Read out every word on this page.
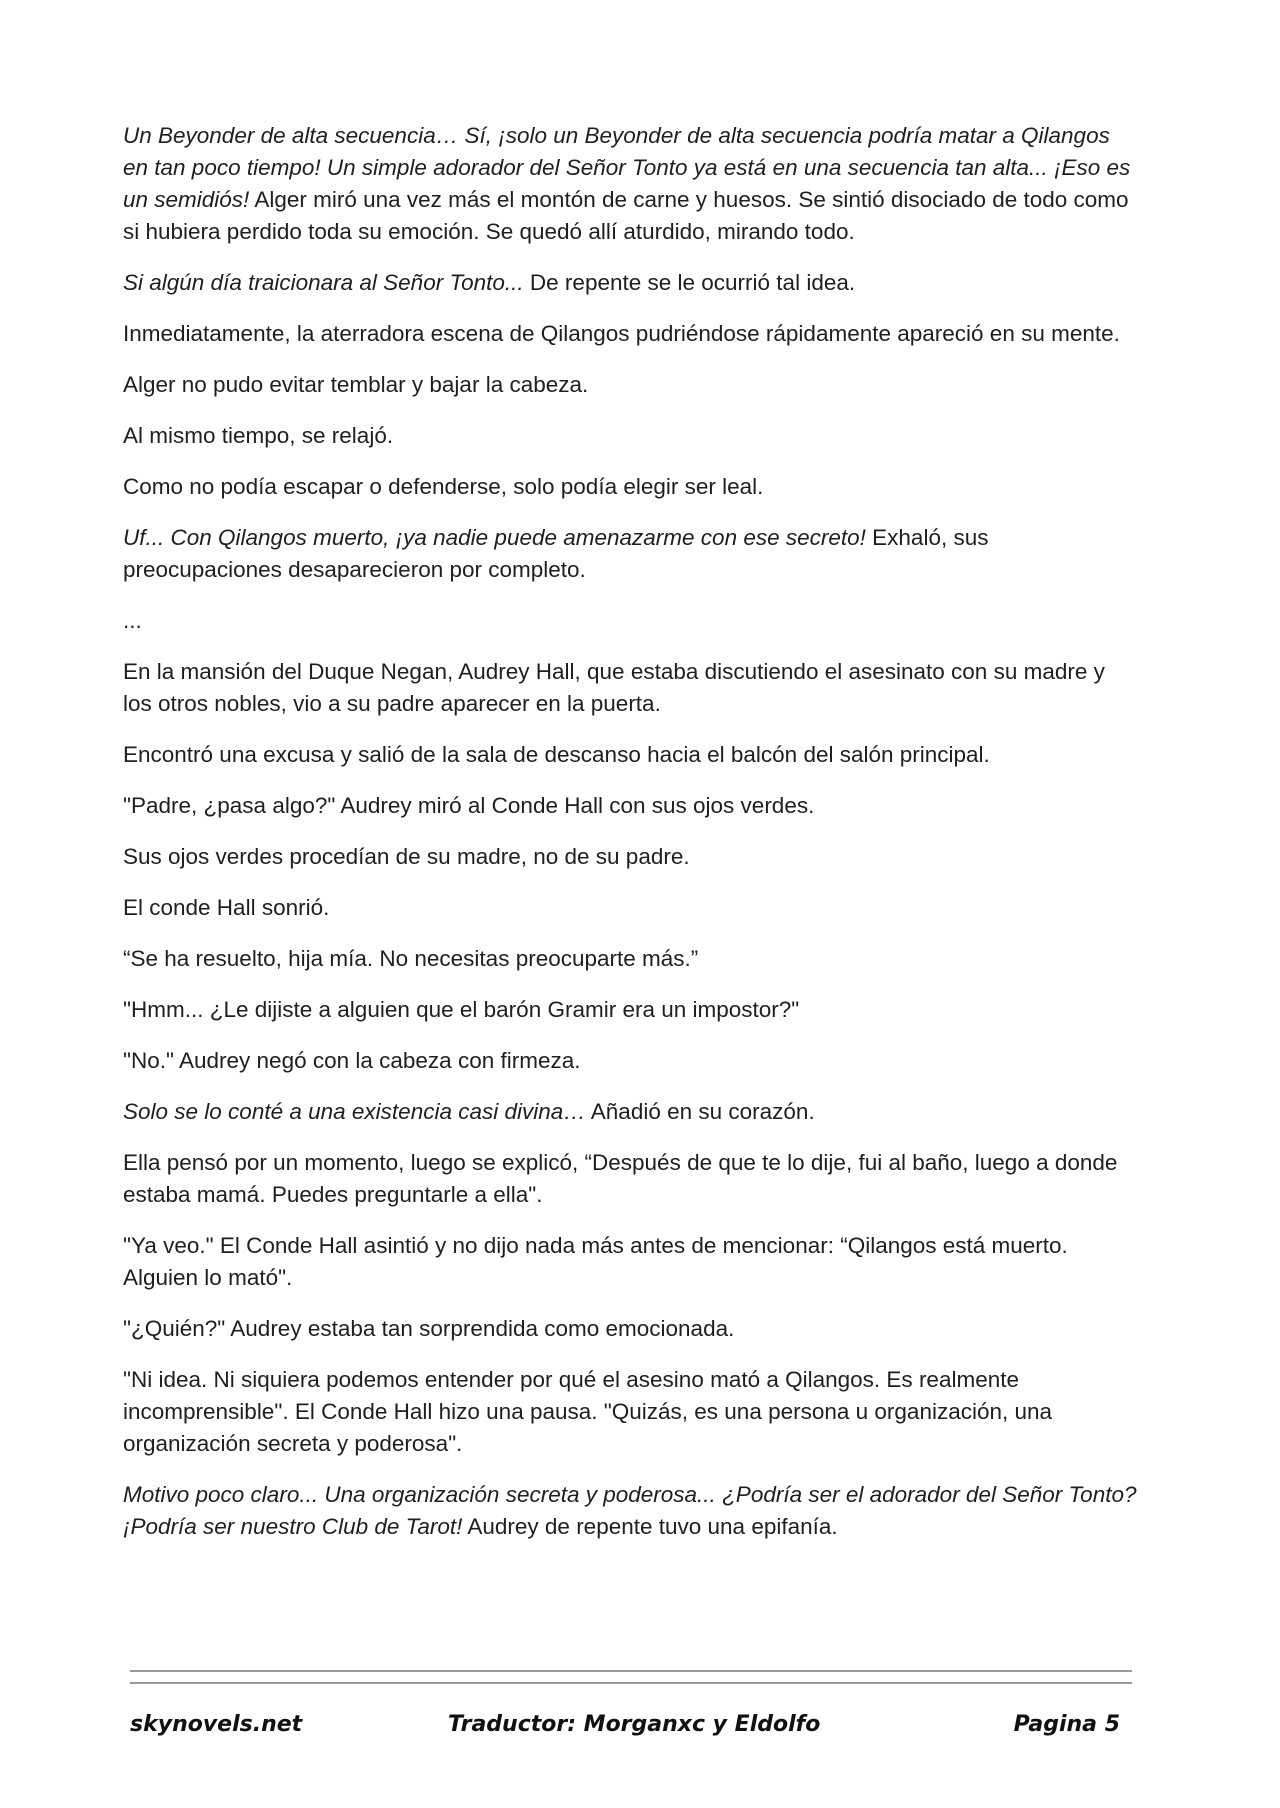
Un Beyonder de alta secuencia… Sí, ¡solo un Beyonder de alta secuencia podría matar a Qilangos en tan poco tiempo! Un simple adorador del Señor Tonto ya está en una secuencia tan alta... ¡Eso es un semidiós! Alger miró una vez más el montón de carne y huesos. Se sintió disociado de todo como si hubiera perdido toda su emoción. Se quedó allí aturdido, mirando todo.

Si algún día traicionara al Señor Tonto... De repente se le ocurrió tal idea.

Inmediatamente, la aterradora escena de Qilangos pudriéndose rápidamente apareció en su mente.

Alger no pudo evitar temblar y bajar la cabeza.

Al mismo tiempo, se relajó.

Como no podía escapar o defenderse, solo podía elegir ser leal.

Uf... Con Qilangos muerto, ¡ya nadie puede amenazarme con ese secreto! Exhaló, sus preocupaciones desaparecieron por completo.

...

En la mansión del Duque Negan, Audrey Hall, que estaba discutiendo el asesinato con su madre y los otros nobles, vio a su padre aparecer en la puerta.

Encontró una excusa y salió de la sala de descanso hacia el balcón del salón principal.

"Padre, ¿pasa algo?" Audrey miró al Conde Hall con sus ojos verdes.

Sus ojos verdes procedían de su madre, no de su padre.

El conde Hall sonrió.

“Se ha resuelto, hija mía. No necesitas preocuparte más.”

"Hmm... ¿Le dijiste a alguien que el barón Gramir era un impostor?"

"No." Audrey negó con la cabeza con firmeza.

Solo se lo conté a una existencia casi divina… Añadió en su corazón.

Ella pensó por un momento, luego se explicó, “Después de que te lo dije, fui al baño, luego a donde estaba mamá. Puedes preguntarle a ella".

"Ya veo." El Conde Hall asintió y no dijo nada más antes de mencionar: “Qilangos está muerto. Alguien lo mató".

"¿Quién?" Audrey estaba tan sorprendida como emocionada.

"Ni idea. Ni siquiera podemos entender por qué el asesino mató a Qilangos. Es realmente incomprensible". El Conde Hall hizo una pausa. "Quizás, es una persona u organización, una organización secreta y poderosa".

Motivo poco claro... Una organización secreta y poderosa... ¿Podría ser el adorador del Señor Tonto? ¡Podría ser nuestro Club de Tarot! Audrey de repente tuvo una epifanía.

skynovels.net	Traductor: Morganxc y Eldolfo	Pagina 5
